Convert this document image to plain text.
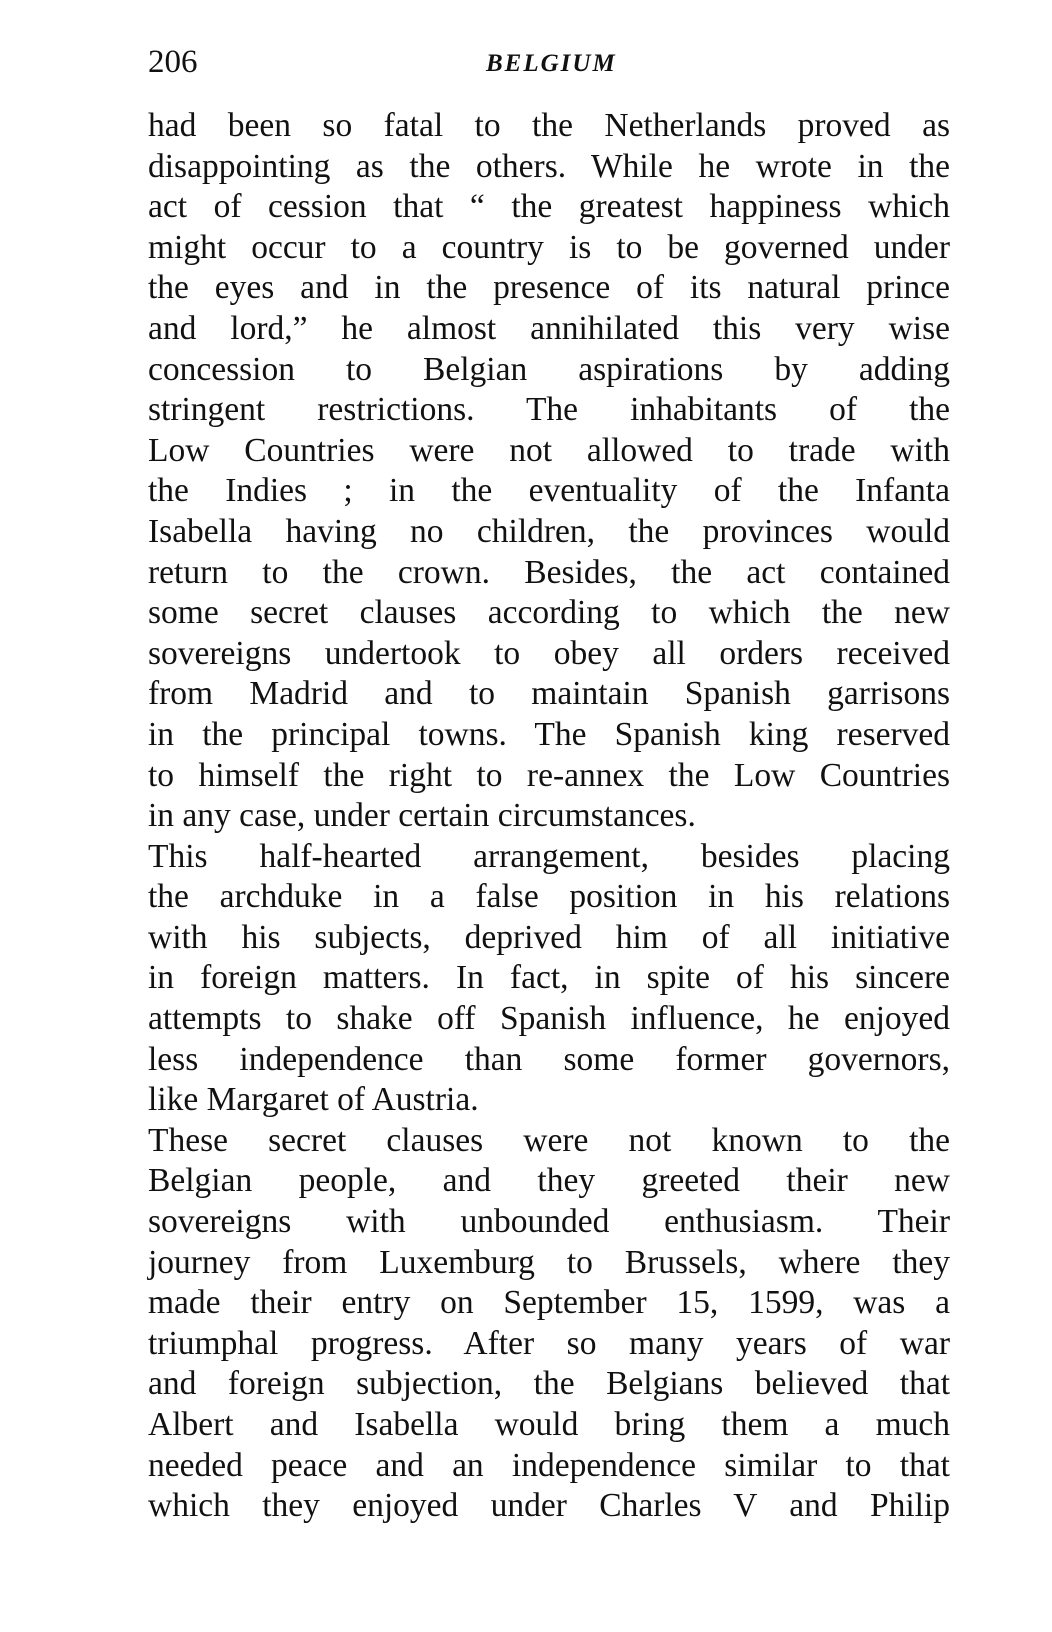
206	BELGIUM
had been so fatal to the Netherlands proved as
disappointing as the others. While he wrote in the
act of cession that “ the greatest happiness which
might occur to a country is to be governed under
the eyes and in the presence of its natural prince
and lord,” he almost annihilated this very wise
concession to Belgian aspirations by adding
stringent restrictions. The inhabitants of the
Low Countries were not allowed to trade with
the Indies ; in the eventuality of the Infanta
Isabella having no children, the provinces would
return to the crown. Besides, the act contained
some secret clauses according to which the new
sovereigns undertook to obey all orders received
from Madrid and to maintain Spanish garrisons
in the principal towns. The Spanish king reserved
to himself the right to re-annex the Low Countries
in any case, under certain circumstances.
This half-hearted arrangement, besides placing
the archduke in a false position in his relations
with his subjects, deprived him of all initiative
in foreign matters. In fact, in spite of his sincere
attempts to shake off Spanish influence, he enjoyed
less independence than some former governors,
like Margaret of Austria.
These secret clauses were not known to the
Belgian people, and they greeted their new
sovereigns with unbounded enthusiasm. Their
journey from Luxemburg to Brussels, where they
made their entry on September 15, 1599, was a
triumphal progress. After so many years of war
and foreign subjection, the Belgians believed that
Albert and Isabella would bring them a much
needed peace and an independence similar to that
which they enjoyed under Charles V and Philip
